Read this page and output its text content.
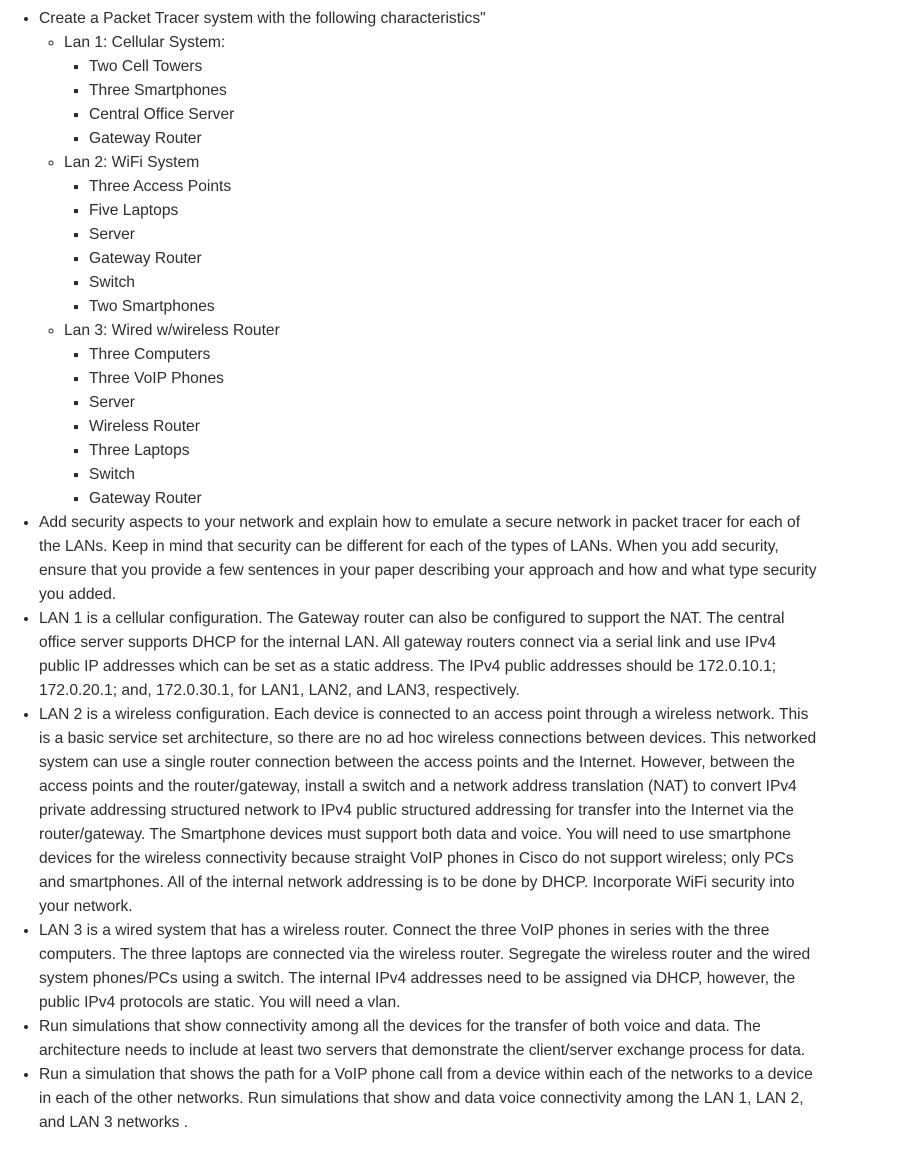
• Create a Packet Tracer system with the following characteristics"
◦ Lan 1: Cellular System:
▪ Two Cell Towers
▪ Three Smartphones
▪ Central Office Server
▪ Gateway Router
◦ Lan 2: WiFi System
▪ Three Access Points
▪ Five Laptops
▪ Server
▪ Gateway Router
▪ Switch
▪ Two Smartphones
◦ Lan 3: Wired w/wireless Router
▪ Three Computers
▪ Three VoIP Phones
▪ Server
▪ Wireless Router
▪ Three Laptops
▪ Switch
▪ Gateway Router
• Add security aspects to your network and explain how to emulate a secure network in packet tracer for each of the LANs. Keep in mind that security can be different for each of the types of LANs. When you add security, ensure that you provide a few sentences in your paper describing your approach and how and what type security you added.
• LAN 1 is a cellular configuration. The Gateway router can also be configured to support the NAT. The central office server supports DHCP for the internal LAN. All gateway routers connect via a serial link and use IPv4 public IP addresses which can be set as a static address. The IPv4 public addresses should be 172.0.10.1; 172.0.20.1; and, 172.0.30.1, for LAN1, LAN2, and LAN3, respectively.
• LAN 2 is a wireless configuration. Each device is connected to an access point through a wireless network. This is a basic service set architecture, so there are no ad hoc wireless connections between devices. This networked system can use a single router connection between the access points and the Internet. However, between the access points and the router/gateway, install a switch and a network address translation (NAT) to convert IPv4 private addressing structured network to IPv4 public structured addressing for transfer into the Internet via the router/gateway. The Smartphone devices must support both data and voice. You will need to use smartphone devices for the wireless connectivity because straight VoIP phones in Cisco do not support wireless; only PCs and smartphones. All of the internal network addressing is to be done by DHCP. Incorporate WiFi security into your network.
• LAN 3 is a wired system that has a wireless router. Connect the three VoIP phones in series with the three computers. The three laptops are connected via the wireless router. Segregate the wireless router and the wired system phones/PCs using a switch. The internal IPv4 addresses need to be assigned via DHCP, however, the public IPv4 protocols are static. You will need a vlan.
• Run simulations that show connectivity among all the devices for the transfer of both voice and data. The architecture needs to include at least two servers that demonstrate the client/server exchange process for data.
• Run a simulation that shows the path for a VoIP phone call from a device within each of the networks to a device in each of the other networks. Run simulations that show and data voice connectivity among the LAN 1, LAN 2, and LAN 3 networks .
